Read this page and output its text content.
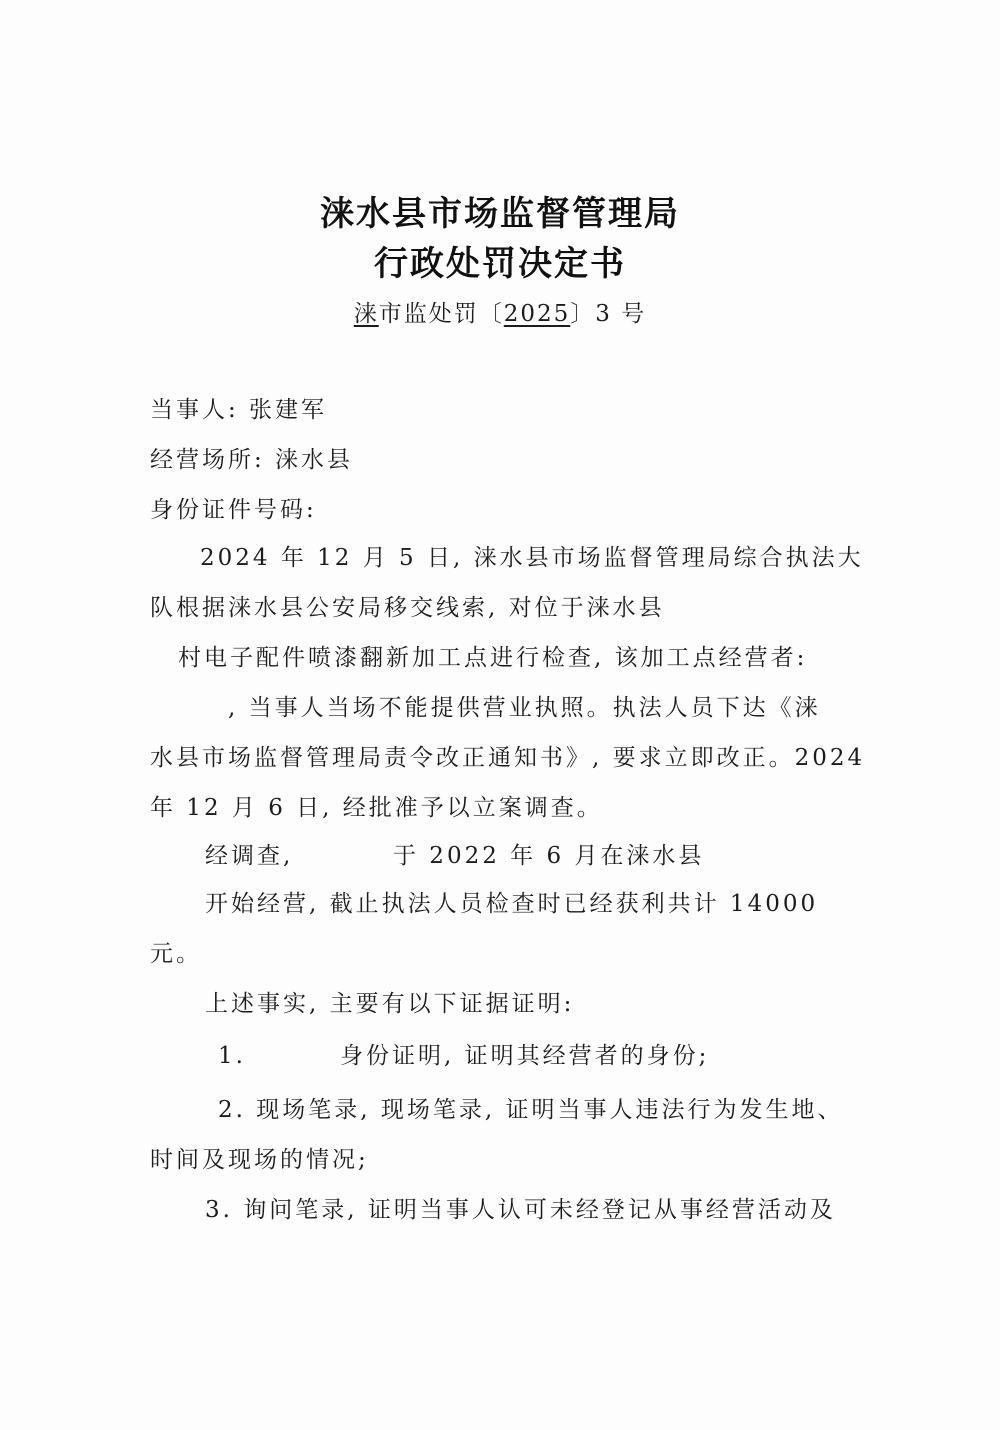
涞水县市场监督管理局
行政处罚决定书
涞市监处罚〔2025〕3 号
当事人: 张建军
经营场所: 涞水县
身份证件号码:
2024 年 12 月 5 日, 涞水县市场监督管理局综合执法大
队根据涞水县公安局移交线索, 对位于涞水县
村电子配件喷漆翻新加工点进行检查, 该加工点经营者:
, 当事人当场不能提供营业执照。执法人员下达《涞
水县市场监督管理局责令改正通知书》, 要求立即改正。2024
年 12 月 6 日, 经批准予以立案调查。
经调查,	于 2022 年 6 月在涞水县
开始经营, 截止执法人员检查时已经获利共计 14000
元。
上述事实, 主要有以下证据证明:
1.	身份证明, 证明其经营者的身份;
2. 现场笔录, 现场笔录, 证明当事人违法行为发生地、
时间及现场的情况;
3. 询问笔录, 证明当事人认可未经登记从事经营活动及
